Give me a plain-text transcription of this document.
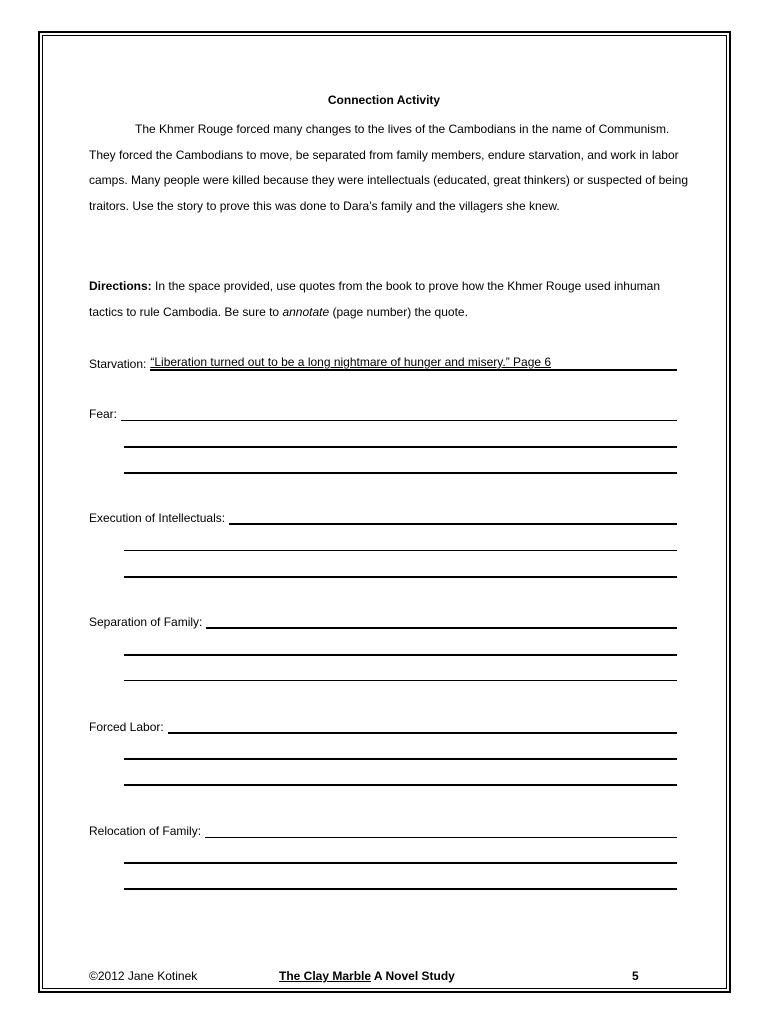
Connection Activity

The Khmer Rouge forced many changes to the lives of the Cambodians in the name of Communism. They forced the Cambodians to move, be separated from family members, endure starvation, and work in labor camps. Many people were killed because they were intellectuals (educated, great thinkers) or suspected of being traitors. Use the story to prove this was done to Dara’s family and the villagers she knew.

Directions: In the space provided, use quotes from the book to prove how the Khmer Rouge used inhuman tactics to rule Cambodia. Be sure to annotate (page number) the quote.

Starvation: “Liberation turned out to be a long nightmare of hunger and misery.” Page 6
Fear:
Execution of Intellectuals:
Separation of Family:
Forced Labor:
Relocation of Family:
©2012 Jane Kotinek	The Clay Marble A Novel Study	5
